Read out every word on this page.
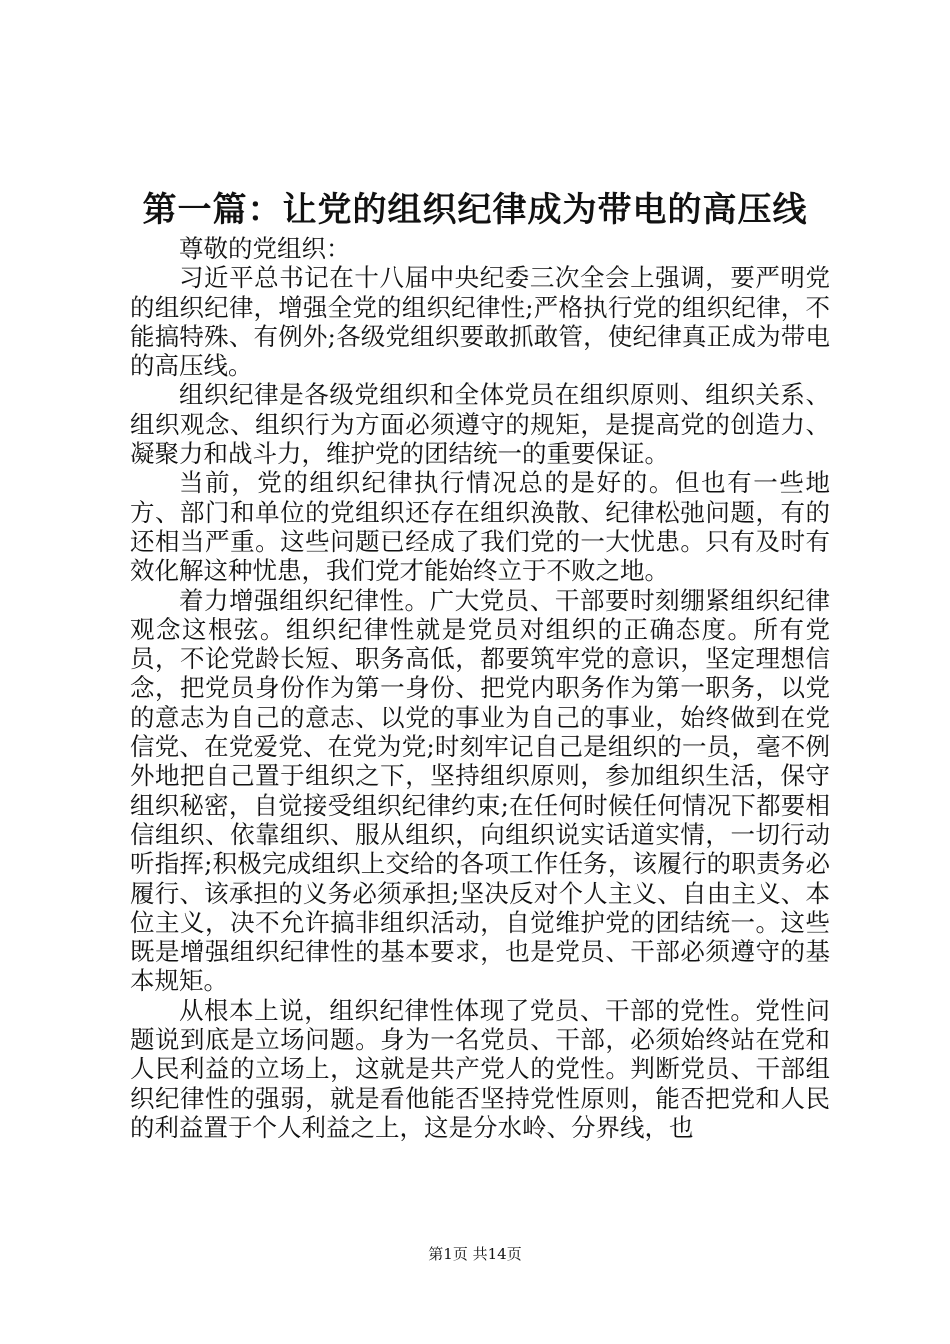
第一篇：让党的组织纪律成为带电的高压线

尊敬的党组织：

习近平总书记在十八届中央纪委三次全会上强调，要严明党的组织纪律，增强全党的组织纪律性;严格执行党的组织纪律，不能搞特殊、有例外;各级党组织要敢抓敢管，使纪律真正成为带电的高压线。

组织纪律是各级党组织和全体党员在组织原则、组织关系、组织观念、组织行为方面必须遵守的规矩，是提高党的创造力、凝聚力和战斗力，维护党的团结统一的重要保证。

当前，党的组织纪律执行情况总的是好的。但也有一些地方、部门和单位的党组织还存在组织涣散、纪律松弛问题，有的还相当严重。这些问题已经成了我们党的一大忧患。只有及时有效化解这种忧患，我们党才能始终立于不败之地。

着力增强组织纪律性。广大党员、干部要时刻绷紧组织纪律观念这根弦。组织纪律性就是党员对组织的正确态度。所有党员，不论党龄长短、职务高低，都要筑牢党的意识，坚定理想信念，把党员身份作为第一身份、把党内职务作为第一职务，以党的意志为自己的意志、以党的事业为自己的事业，始终做到在党信党、在党爱党、在党为党;时刻牢记自己是组织的一员，毫不例外地把自己置于组织之下，坚持组织原则，参加组织生活，保守组织秘密，自觉接受组织纪律约束;在任何时候任何情况下都要相信组织、依靠组织、服从组织，向组织说实话道实情，一切行动听指挥;积极完成组织上交给的各项工作任务，该履行的职责务必履行、该承担的义务必须承担;坚决反对个人主义、自由主义、本位主义，决不允许搞非组织活动，自觉维护党的团结统一。这些既是增强组织纪律性的基本要求，也是党员、干部必须遵守的基本规矩。

从根本上说，组织纪律性体现了党员、干部的党性。党性问题说到底是立场问题。身为一名党员、干部，必须始终站在党和人民利益的立场上，这就是共产党人的党性。判断党员、干部组织纪律性的强弱，就是看他能否坚持党性原则，能否把党和人民的利益置于个人利益之上，这是分水岭、分界线，也

第1页 共14页
